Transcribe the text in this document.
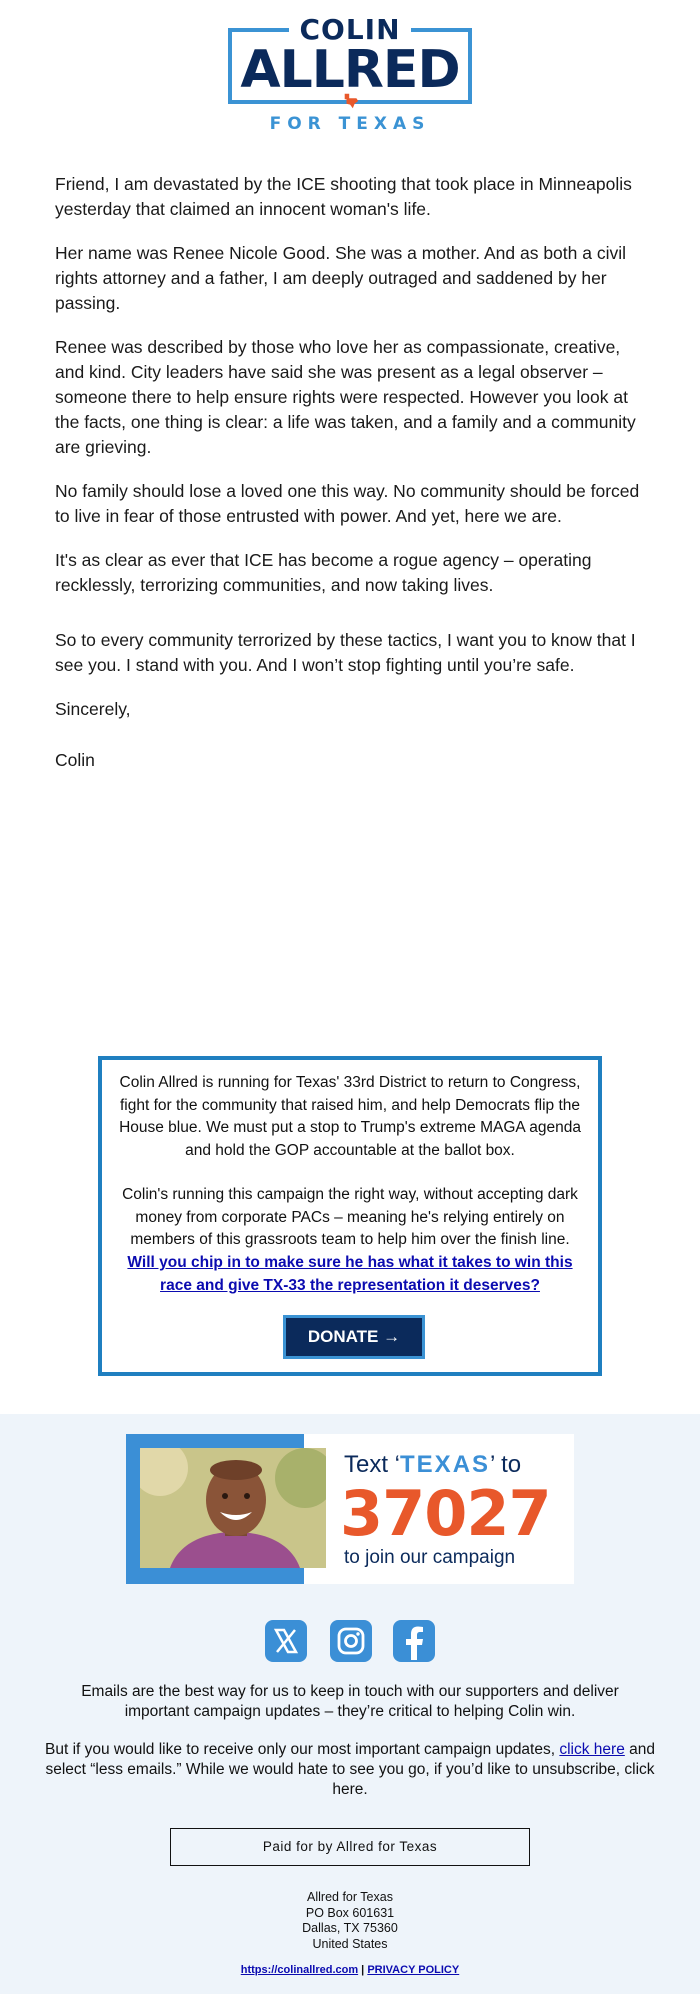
COLIN
ALLRED
FOR TEXAS

Friend, I am devastated by the ICE shooting that took place in Minneapolis yesterday that claimed an innocent woman's life.

Her name was Renee Nicole Good. She was a mother. And as both a civil rights attorney and a father, I am deeply outraged and saddened by her passing.

Renee was described by those who love her as compassionate, creative, and kind. City leaders have said she was present as a legal observer – someone there to help ensure rights were respected. However you look at the facts, one thing is clear: a life was taken, and a family and a community are grieving.

No family should lose a loved one this way. No community should be forced to live in fear of those entrusted with power. And yet, here we are.

It's as clear as ever that ICE has become a rogue agency – operating recklessly, terrorizing communities, and now taking lives.

So to every community terrorized by these tactics, I want you to know that I see you. I stand with you. And I won’t stop fighting until you’re safe.

Sincerely,

Colin

Colin Allred is running for Texas' 33rd District to return to Congress, fight for the community that raised him, and help Democrats flip the House blue. We must put a stop to Trump's extreme MAGA agenda and hold the GOP accountable at the ballot box.

Colin's running this campaign the right way, without accepting dark money from corporate PACs – meaning he's relying entirely on members of this grassroots team to help him over the finish line.

Will you chip in to make sure he has what it takes to win this race and give TX-33 the representation it deserves?

DONATE →
Text ‘TEXAS’ to
37027
to join our campaign

Emails are the best way for us to keep in touch with our supporters and deliver important campaign updates – they’re critical to helping Colin win.

But if you would like to receive only our most important campaign updates, click here and select “less emails.” While we would hate to see you go, if you’d like to unsubscribe, click here.

Paid for by Allred for Texas
Allred for Texas
PO Box 601631
Dallas, TX 75360
United States
https://colinallred.com | PRIVACY POLICY
